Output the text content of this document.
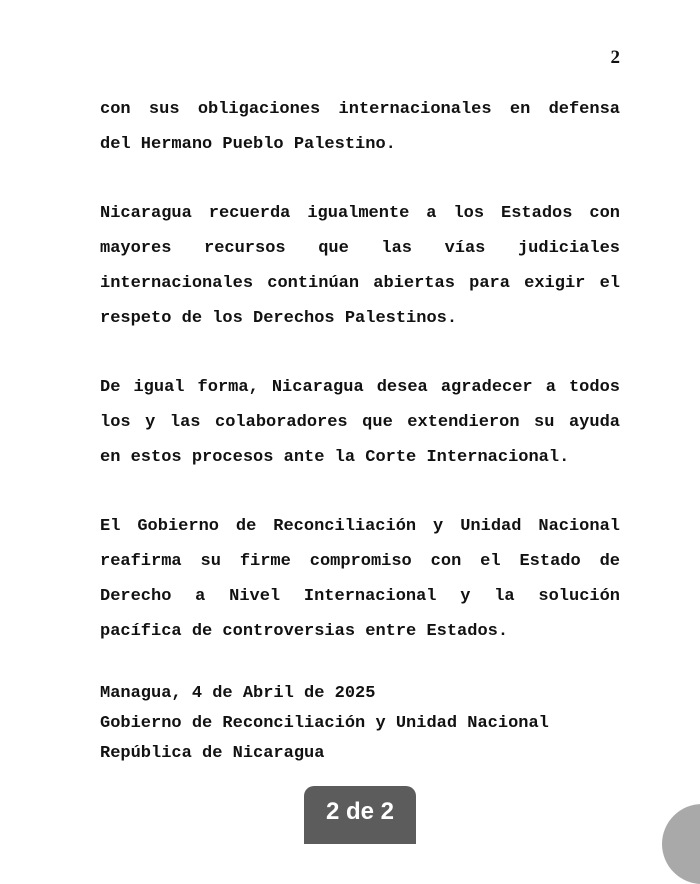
2

con sus obligaciones internacionales en defensa del Hermano Pueblo Palestino.

Nicaragua recuerda igualmente a los Estados con mayores recursos que las vías judiciales internacionales continúan abiertas para exigir el respeto de los Derechos Palestinos.

De igual forma, Nicaragua desea agradecer a todos los y las colaboradores que extendieron su ayuda en estos procesos ante la Corte Internacional.

El Gobierno de Reconciliación y Unidad Nacional reafirma su firme compromiso con el Estado de Derecho a Nivel Internacional y la solución pacífica de controversias entre Estados.

Managua, 4 de Abril de 2025
Gobierno de Reconciliación y Unidad Nacional
República de Nicaragua
2 de 2
